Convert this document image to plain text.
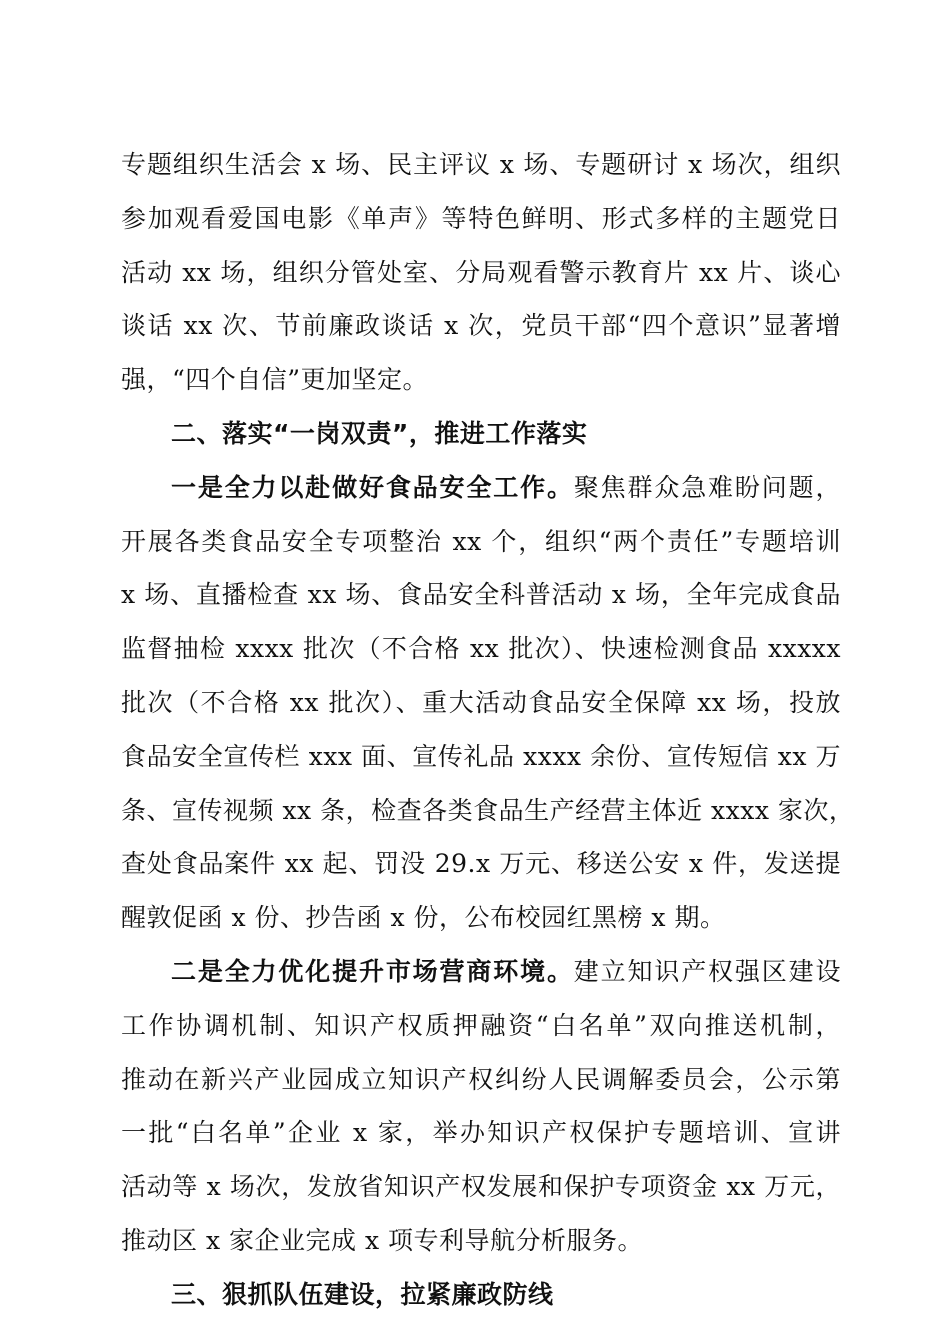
专题组织生活会 x 场、民主评议 x 场、专题研讨 x 场次，组织
参加观看爱国电影《单声》等特色鲜明、形式多样的主题党日
活动 xx 场，组织分管处室、分局观看警示教育片 xx 片、谈心
谈话 xx 次、节前廉政谈话 x 次，党员干部“四个意识”显著增
强，“四个自信”更加坚定。
二、落实“一岗双责”，推进工作落实
一是全力以赴做好食品安全工作。聚焦群众急难盼问题，
开展各类食品安全专项整治 xx 个，组织“两个责任”专题培训
x 场、直播检查 xx 场、食品安全科普活动 x 场，全年完成食品
监督抽检 xxxx 批次（不合格 xx 批次）、快速检测食品 xxxxx
批次（不合格 xx 批次）、重大活动食品安全保障 xx 场，投放
食品安全宣传栏 xxx 面、宣传礼品 xxxx 余份、宣传短信 xx 万
条、宣传视频 xx 条，检查各类食品生产经营主体近 xxxx 家次，
查处食品案件 xx 起、罚没 29.x 万元、移送公安 x 件，发送提
醒敦促函 x 份、抄告函 x 份，公布校园红黑榜 x 期。
二是全力优化提升市场营商环境。建立知识产权强区建设
工作协调机制、知识产权质押融资“白名单”双向推送机制，
推动在新兴产业园成立知识产权纠纷人民调解委员会，公示第
一批“白名单”企业 x 家，举办知识产权保护专题培训、宣讲
活动等 x 场次，发放省知识产权发展和保护专项资金 xx 万元，
推动区 x 家企业完成 x 项专利导航分析服务。
三、狠抓队伍建设，拉紧廉政防线
